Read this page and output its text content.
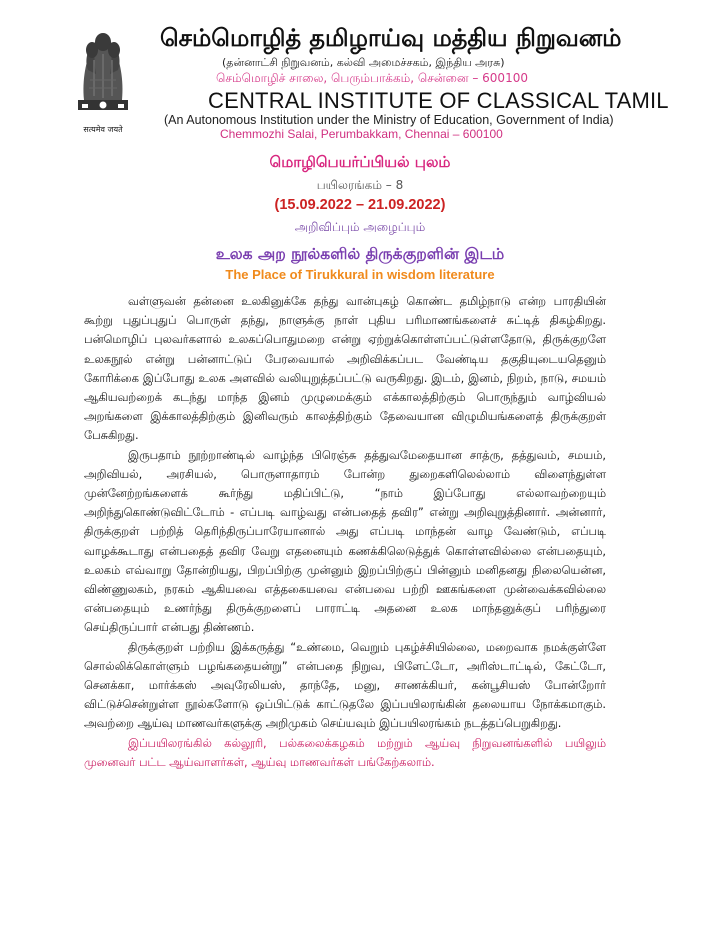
सत्यमेव जयते
செம்மொழித் தமிழாய்வு மத்திய நிறுவனம்
(தன்னாட்சி நிறுவனம், கல்வி அமைச்சகம், இந்திய அரசு)
செம்மொழிச் சாலை, பெரும்பாக்கம், சென்னை – 600100
CENTRAL INSTITUTE OF CLASSICAL TAMIL
(An Autonomous Institution under the Ministry of Education, Government of India)
Chemmozhi Salai, Perumbakkam, Chennai – 600100
மொழிபெயர்ப்பியல் புலம்
பயிலரங்கம் – 8
(15.09.2022 – 21.09.2022)
அறிவிப்பும் அழைப்பும்
உலக அற நூல்களில் திருக்குறளின் இடம்
The Place of Tirukkural in wisdom literature

வள்ளுவன் தன்னை உலகினுக்கே தந்து வான்புகழ் கொண்ட தமிழ்நாடு என்ற பாரதியின் கூற்று புதுப்புதுப் பொருள் தந்து, நாளுக்கு நாள் புதிய பரிமாணங்களைச் சுட்டித் திகழ்கிறது. பன்மொழிப் புலவர்களால் உலகப்பொதுமறை என்று ஏற்றுக்கொள்ளப்பட்டுள்ளதோடு, திருக்குறளே உலகநூல் என்று பன்னாட்டுப் பேரவையால் அறிவிக்கப்பட வேண்டிய தகுதியுடையதெனும் கோரிக்கை இப்போது உலக அளவில் வலியுறுத்தப்பட்டு வருகிறது. இடம், இனம், நிறம், நாடு, சமயம் ஆகியவற்றைக் கடந்து மாந்த இனம் முழுமைக்கும் எக்காலத்திற்கும் பொருந்தும் வாழ்வியல் அறங்களை இக்காலத்திற்கும் இனிவரும் காலத்திற்கும் தேவையான விழுமியங்களைத் திருக்குறள் பேசுகிறது.

இருபதாம் நூற்றாண்டில் வாழ்ந்த பிரெஞ்சு தத்துவமேதையான சாத்ரு, தத்துவம், சமயம், அறிவியல், அரசியல், பொருளாதாரம் போன்ற துறைகளிலெல்லாம் விளைந்துள்ள முன்னேற்றங்களைக் கூர்ந்து மதிப்பிட்டு, “நாம் இப்போது எல்லாவற்றையும் அறிந்துகொண்டுவிட்டோம் - எப்படி வாழ்வது என்பதைத் தவிர” என்று அறிவுறுத்தினார். அன்னார், திருக்குறள் பற்றித் தெரிந்திருப்பாரேயானால் அது எப்படி மாந்தன் வாழ வேண்டும், எப்படி வாழக்கூடாது என்பதைத் தவிர வேறு எதனையும் கணக்கிலெடுத்துக் கொள்ளவில்லை என்பதையும், உலகம் எவ்வாறு தோன்றியது, பிறப்பிற்கு முன்னும் இறப்பிற்குப் பின்னும் மனிதனது நிலையென்ன, விண்ணுலகம், நரகம் ஆகியவை எத்தகையவை என்பவை பற்றி ஊகங்களை முன்வைக்கவில்லை என்பதையும் உணர்ந்து திருக்குறளைப் பாராட்டி அதனை உலக மாந்தனுக்குப் பரிந்துரை செய்திருப்பார் என்பது திண்ணம்.

திருக்குறள் பற்றிய இக்கருத்து “உண்மை, வெறும் புகழ்ச்சியில்லை, மறைவாக நமக்குள்ளே சொல்லிக்கொள்ளும் பழங்கதையன்று” என்பதை நிறுவ, பிளேட்டோ, அரிஸ்டாட்டில், கேட்டோ, செனக்கா, மார்க்கஸ் அவுரேலியஸ், தாந்தே, மனு, சாணக்கியர், கன்பூசியஸ் போன்றோர் விட்டுச்சென்றுள்ள நூல்களோடு ஒப்பிட்டுக் காட்டுதலே இப்பயிலரங்கின் தலையாய நோக்கமாகும். அவற்றை ஆய்வு மாணவர்களுக்கு அறிமுகம் செய்யவும் இப்பயிலரங்கம் நடத்தப்பெறுகிறது.

இப்பயிலரங்கில் கல்லூரி, பல்கலைக்கழகம் மற்றும் ஆய்வு நிறுவனங்களில் பயிலும் முனைவர் பட்ட ஆய்வாளர்கள், ஆய்வு மாணவர்கள் பங்கேற்கலாம்.
